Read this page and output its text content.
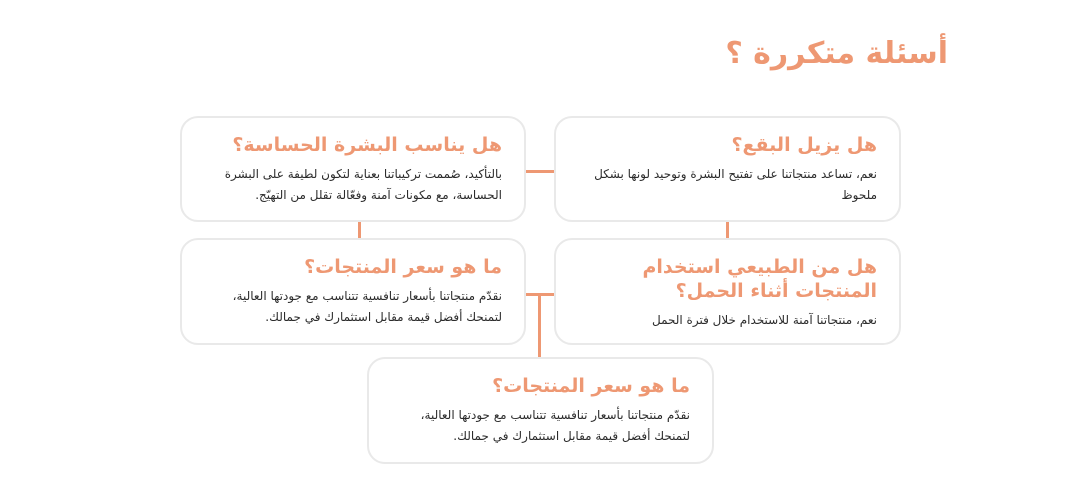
أسئلة متكررة ؟
هل يزيل البقع؟

نعم، تساعد منتجاتنا على تفتيح البشرة وتوحيد لونها بشكل ملحوظ

هل يناسب البشرة الحساسة؟

بالتأكيد، صُممت تركيباتنا بعناية لتكون لطيفة على البشرة الحساسة، مع مكونات آمنة وفعّالة تقلل من التهيّج.

هل من الطبيعي استخدام المنتجات أثناء الحمل؟

نعم، منتجاتنا آمنة للاستخدام خلال فترة الحمل

ما هو سعر المنتجات؟

نقدّم منتجاتنا بأسعار تنافسية تتناسب مع جودتها العالية، لتمنحك أفضل قيمة مقابل استثمارك في جمالك.

ما هو سعر المنتجات؟

نقدّم منتجاتنا بأسعار تنافسية تتناسب مع جودتها العالية، لتمنحك أفضل قيمة مقابل استثمارك في جمالك.
